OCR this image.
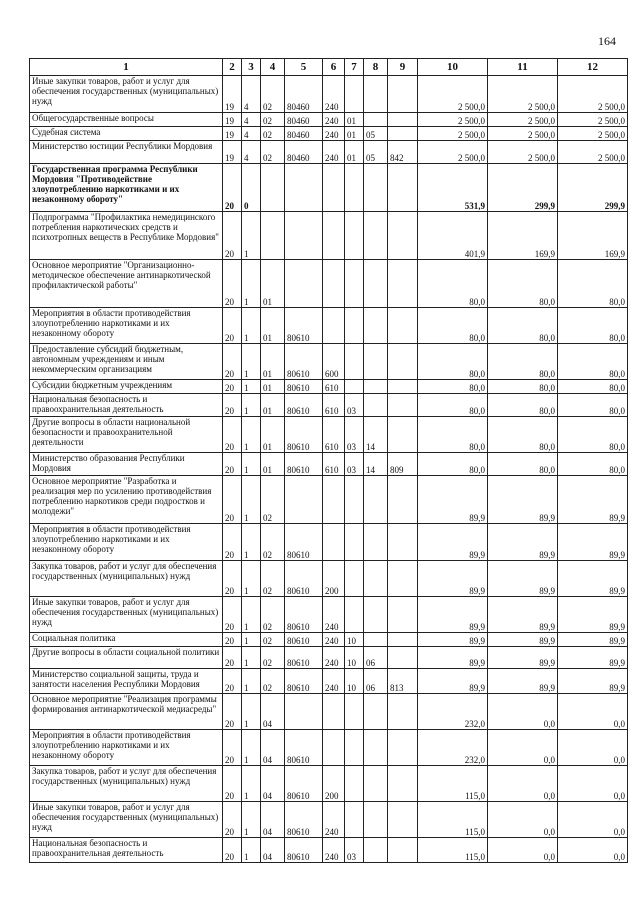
164
1	2	3	4	5	6	7	8	9	10	11	12
Иные закупки товаров, работ и услуг для обеспечения государственных (муниципальных) нужд	19	4	02	80460	240				2 500,0	2 500,0	2 500,0
Общегосударственные вопросы	19	4	02	80460	240	01			2 500,0	2 500,0	2 500,0
Судебная система	19	4	02	80460	240	01	05		2 500,0	2 500,0	2 500,0
Министерство юстиции Республики Мордовия	19	4	02	80460	240	01	05	842	2 500,0	2 500,0	2 500,0
Государственная программа Республики Мордовия "Противодействие злоупотреблению наркотиками и их незаконному обороту"	20	0							531,9	299,9	299,9
Подпрограмма "Профилактика немедицинского потребления наркотических средств и психотропных веществ в Республике Мордовия"	20	1							401,9	169,9	169,9
Основное мероприятие "Организационно-методическое обеспечение антинаркотической профилактической работы"	20	1	01						80,0	80,0	80,0
Мероприятия в области противодействия злоупотреблению наркотиками и их незаконному обороту	20	1	01	80610					80,0	80,0	80,0
Предоставление субсидий бюджетным, автономным учреждениям и иным некоммерческим организациям	20	1	01	80610	600				80,0	80,0	80,0
Субсидии бюджетным учреждениям	20	1	01	80610	610				80,0	80,0	80,0
Национальная безопасность и правоохранительная деятельность	20	1	01	80610	610	03			80,0	80,0	80,0
Другие вопросы в области национальной безопасности и правоохранительной деятельности	20	1	01	80610	610	03	14		80,0	80,0	80,0
Министерство образования Республики Мордовия	20	1	01	80610	610	03	14	809	80,0	80,0	80,0
Основное мероприятие "Разработка и реализация мер по усилению противодействия потреблению наркотиков среди подростков и молодежи"	20	1	02						89,9	89,9	89,9
Мероприятия в области противодействия злоупотреблению наркотиками и их незаконному обороту	20	1	02	80610					89,9	89,9	89,9
Закупка товаров, работ и услуг для обеспечения государственных (муниципальных) нужд	20	1	02	80610	200				89,9	89,9	89,9
Иные закупки товаров, работ и услуг для обеспечения государственных (муниципальных) нужд	20	1	02	80610	240				89,9	89,9	89,9
Социальная политика	20	1	02	80610	240	10			89,9	89,9	89,9
Другие вопросы в области социальной политики	20	1	02	80610	240	10	06		89,9	89,9	89,9
Министерство социальной защиты, труда и занятости населения Республики Мордовия	20	1	02	80610	240	10	06	813	89,9	89,9	89,9
Основное мероприятие "Реализация программы формирования антинаркотической медиасреды"	20	1	04						232,0	0,0	0,0
Мероприятия в области противодействия злоупотреблению наркотиками и их незаконному обороту	20	1	04	80610					232,0	0,0	0,0
Закупка товаров, работ и услуг для обеспечения государственных (муниципальных) нужд	20	1	04	80610	200				115,0	0,0	0,0
Иные закупки товаров, работ и услуг для обеспечения государственных (муниципальных) нужд	20	1	04	80610	240				115,0	0,0	0,0
Национальная безопасность и правоохранительная деятельность	20	1	04	80610	240	03			115,0	0,0	0,0
